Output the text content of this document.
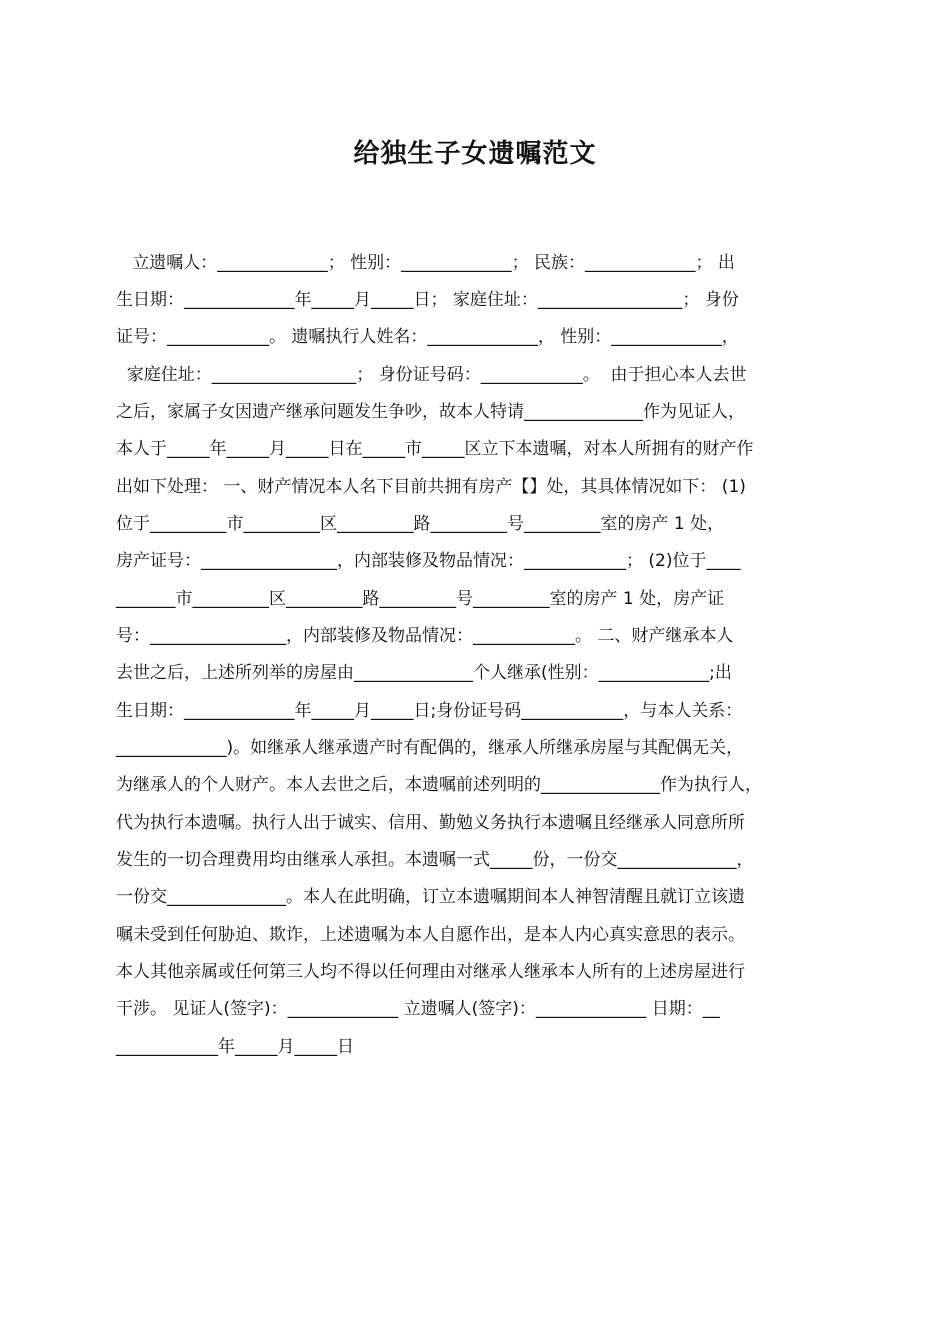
给独生子女遗嘱范文
立遗嘱人：_____________； 性别：_____________； 民族：_____________； 出
生日期：_____________年_____月_____日； 家庭住址：_________________； 身份
证号：____________。 遗嘱执行人姓名：_____________， 性别：_____________，
家庭住址：_________________； 身份证号码：____________。  由于担心本人去世
之后，家属子女因遗产继承问题发生争吵，故本人特请______________作为见证人，
本人于_____年_____月_____日在_____市_____区立下本遗嘱，对本人所拥有的财产作
出如下处理： 一、财产情况本人名下目前共拥有房产【】处，其具体情况如下： (1)
位于_________市_________区_________路_________号_________室的房产 1 处，
房产证号：________________，内部装修及物品情况：____________； (2)位于____
_______市_________区_________路_________号_________室的房产 1 处，房产证
号：________________，内部装修及物品情况：____________。 二、财产继承本人
去世之后，上述所列举的房屋由______________个人继承(性别：_____________;出
生日期：_____________年_____月_____日;身份证号码____________，与本人关系：
_____________)。如继承人继承遗产时有配偶的，继承人所继承房屋与其配偶无关，
为继承人的个人财产。本人去世之后，本遗嘱前述列明的______________作为执行人，
代为执行本遗嘱。执行人出于诚实、信用、勤勉义务执行本遗嘱且经继承人同意所所
发生的一切合理费用均由继承人承担。本遗嘱一式_____份，一份交______________，
一份交______________。本人在此明确，订立本遗嘱期间本人神智清醒且就订立该遗
嘱未受到任何胁迫、欺诈，上述遗嘱为本人自愿作出，是本人内心真实意思的表示。
本人其他亲属或任何第三人均不得以任何理由对继承人继承本人所有的上述房屋进行
干涉。 见证人(签字)：_____________ 立遗嘱人(签字)：_____________ 日期：__
____________年_____月_____日
